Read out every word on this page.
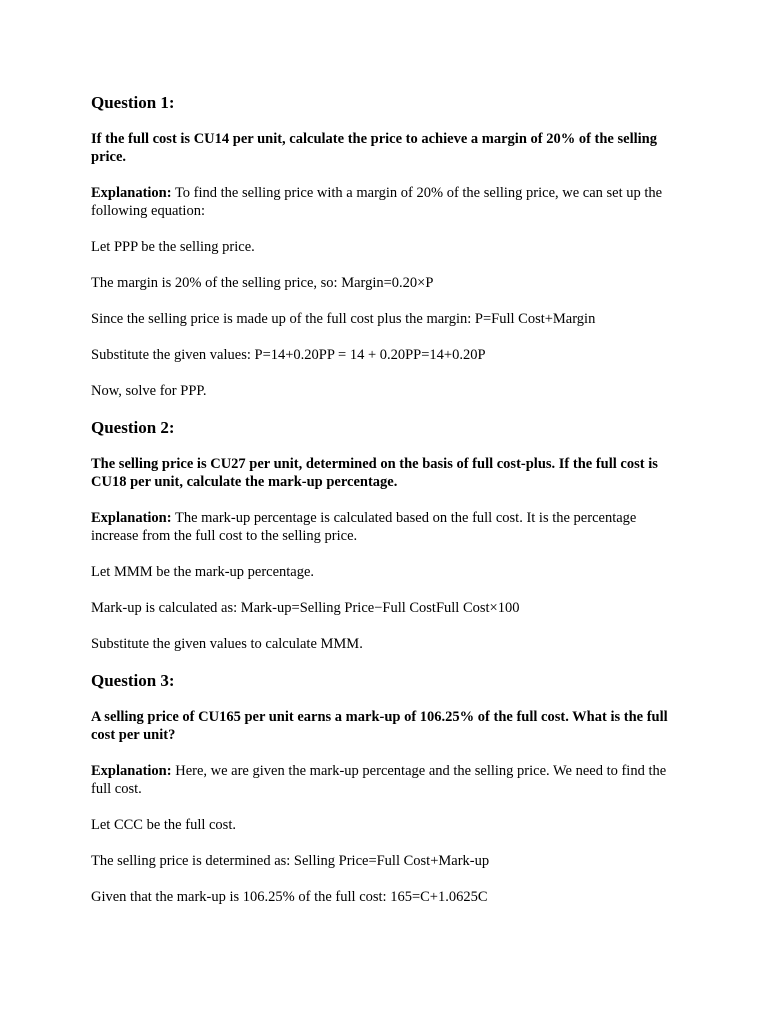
Question 1:

If the full cost is CU14 per unit, calculate the price to achieve a margin of 20% of the selling price.

Explanation: To find the selling price with a margin of 20% of the selling price, we can set up the following equation:

Let PPP be the selling price.

The margin is 20% of the selling price, so: Margin=0.20×P

Since the selling price is made up of the full cost plus the margin: P=Full Cost+Margin

Substitute the given values: P=14+0.20PP = 14 + 0.20PP=14+0.20P

Now, solve for PPP.

Question 2:

The selling price is CU27 per unit, determined on the basis of full cost-plus. If the full cost is CU18 per unit, calculate the mark-up percentage.

Explanation: The mark-up percentage is calculated based on the full cost. It is the percentage increase from the full cost to the selling price.

Let MMM be the mark-up percentage.

Mark-up is calculated as: Mark-up=Selling Price−Full CostFull Cost×100

Substitute the given values to calculate MMM.

Question 3:

A selling price of CU165 per unit earns a mark-up of 106.25% of the full cost. What is the full cost per unit?

Explanation: Here, we are given the mark-up percentage and the selling price. We need to find the full cost.

Let CCC be the full cost.

The selling price is determined as: Selling Price=Full Cost+Mark-up

Given that the mark-up is 106.25% of the full cost: 165=C+1.0625C
